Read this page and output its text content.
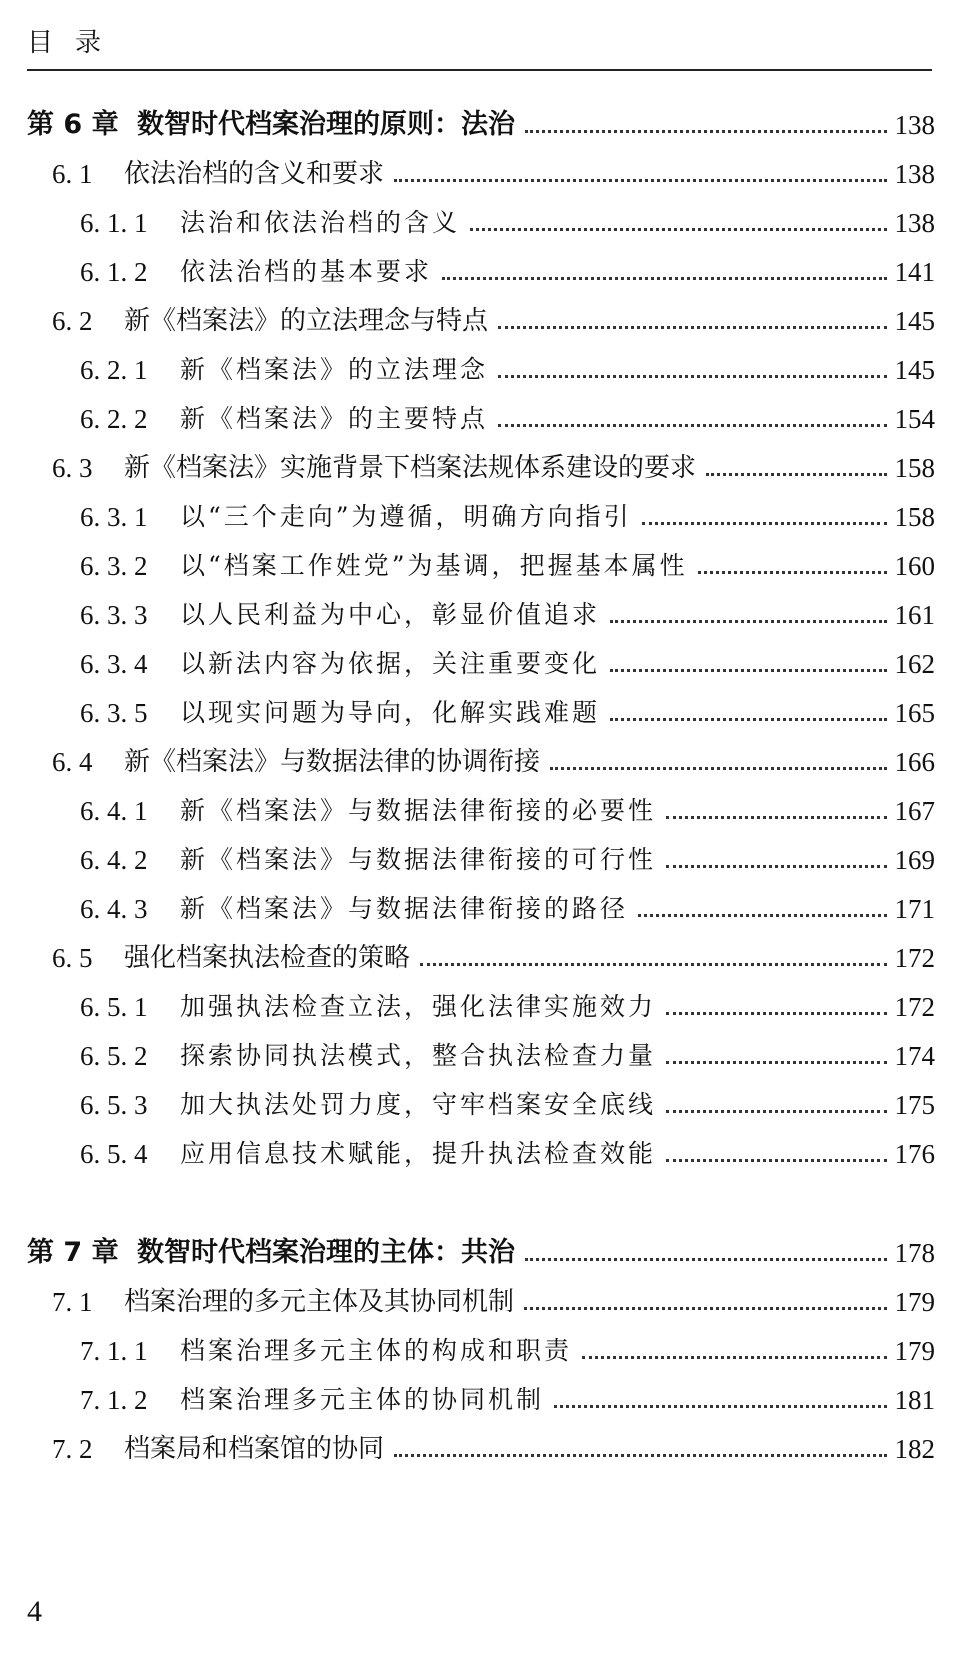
目录
第 6 章 数智时代档案治理的原则：法治	138
6. 1	依法治档的含义和要求	138
6. 1. 1	法治和依法治档的含义	138
6. 1. 2	依法治档的基本要求	141
6. 2	新《档案法》的立法理念与特点	145
6. 2. 1	新《档案法》的立法理念	145
6. 2. 2	新《档案法》的主要特点	154
6. 3	新《档案法》实施背景下档案法规体系建设的要求	158
6. 3. 1	以“三个走向”为遵循，明确方向指引	158
6. 3. 2	以“档案工作姓党”为基调，把握基本属性	160
6. 3. 3	以人民利益为中心，彰显价值追求	161
6. 3. 4	以新法内容为依据，关注重要变化	162
6. 3. 5	以现实问题为导向，化解实践难题	165
6. 4	新《档案法》与数据法律的协调衔接	166
6. 4. 1	新《档案法》与数据法律衔接的必要性	167
6. 4. 2	新《档案法》与数据法律衔接的可行性	169
6. 4. 3	新《档案法》与数据法律衔接的路径	171
6. 5	强化档案执法检查的策略	172
6. 5. 1	加强执法检查立法，强化法律实施效力	172
6. 5. 2	探索协同执法模式，整合执法检查力量	174
6. 5. 3	加大执法处罚力度，守牢档案安全底线	175
6. 5. 4	应用信息技术赋能，提升执法检查效能	176
第 7 章 数智时代档案治理的主体：共治	178
7. 1	档案治理的多元主体及其协同机制	179
7. 1. 1	档案治理多元主体的构成和职责	179
7. 1. 2	档案治理多元主体的协同机制	181
7. 2	档案局和档案馆的协同	182
4
